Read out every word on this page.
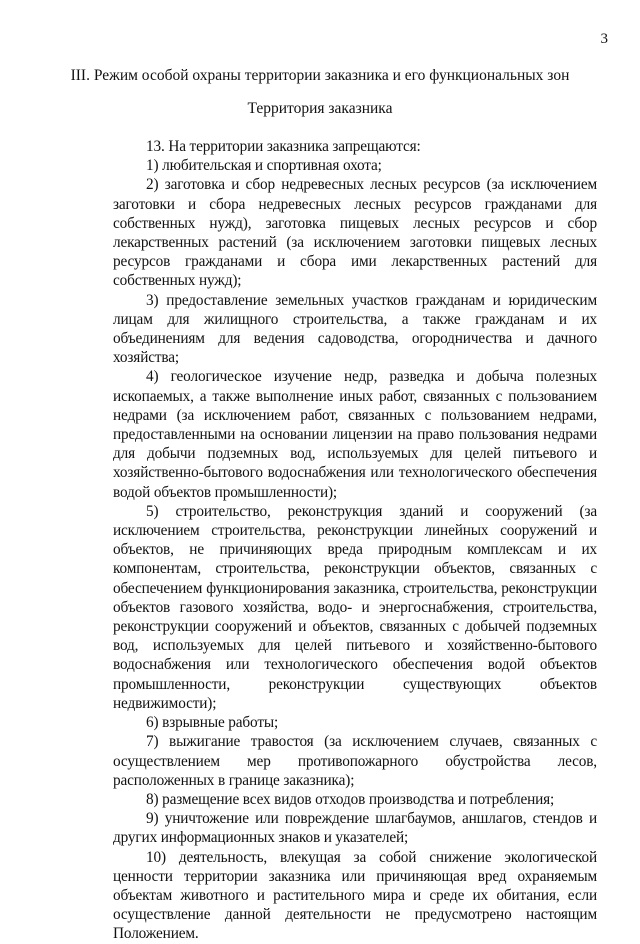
3
III. Режим особой охраны территории заказника и его функциональных зон
Территория заказника

13. На территории заказника запрещаются:

1) любительская и спортивная охота;

2) заготовка и сбор недревесных лесных ресурсов (за исключением заготовки и сбора недревесных лесных ресурсов гражданами для собственных нужд), заготовка пищевых лесных ресурсов и сбор лекарственных растений (за исключением заготовки пищевых лесных ресурсов гражданами и сбора ими лекарственных растений для собственных нужд);

3) предоставление земельных участков гражданам и юридическим лицам для жилищного строительства, а также гражданам и их объединениям для ведения садоводства, огородничества и дачного хозяйства;

4) геологическое изучение недр, разведка и добыча полезных ископаемых, а также выполнение иных работ, связанных с пользованием недрами (за исключением работ, связанных с пользованием недрами, предоставленными на основании лицензии на право пользования недрами для добычи подземных вод, используемых для целей питьевого и хозяйственно-бытового водоснабжения или технологического обеспечения водой объектов промышленности);

5) строительство, реконструкция зданий и сооружений (за исключением строительства, реконструкции линейных сооружений и объектов, не причиняющих вреда природным комплексам и их компонентам, строительства, реконструкции объектов, связанных с обеспечением функционирования заказника, строительства, реконструкции объектов газового хозяйства, водо- и энергоснабжения, строительства, реконструкции сооружений и объектов, связанных с добычей подземных вод, используемых для целей питьевого и хозяйственно-бытового водоснабжения или технологического обеспечения водой объектов промышленности, реконструкции существующих объектов недвижимости);

6) взрывные работы;

7) выжигание травостоя (за исключением случаев, связанных с осуществлением мер противопожарного обустройства лесов, расположенных в границе заказника);

8) размещение всех видов отходов производства и потребления;

9) уничтожение или повреждение шлагбаумов, аншлагов, стендов и других информационных знаков и указателей;

10) деятельность, влекущая за собой снижение экологической ценности территории заказника или причиняющая вред охраняемым объектам животного и растительного мира и среде их обитания, если осуществление данной деятельности не предусмотрено настоящим Положением.
